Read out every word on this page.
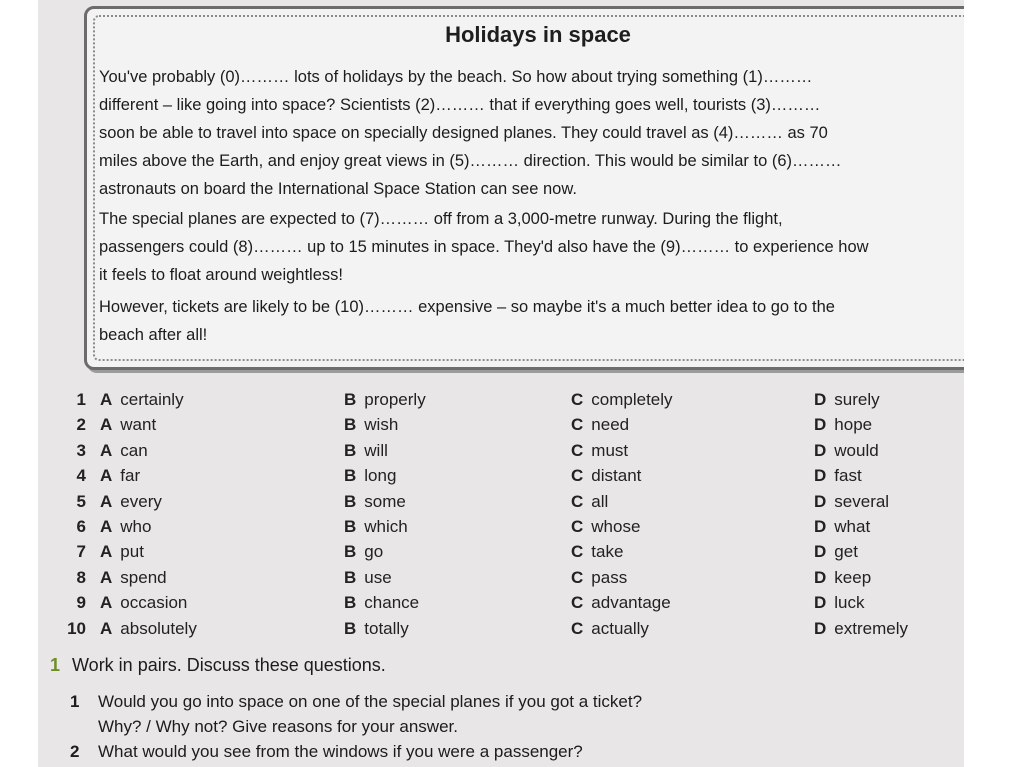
Holidays in space
You've probably (0)……… lots of holidays by the beach. So how about trying something (1)………
different – like going into space? Scientists (2)……… that if everything goes well, tourists (3)………
soon be able to travel into space on specially designed planes. They could travel as (4)……… as 70
miles above the Earth, and enjoy great views in (5)……… direction. This would be similar to (6)………
astronauts on board the International Space Station can see now.
The special planes are expected to (7)……… off from a 3,000-metre runway. During the flight,
passengers could (8)……… up to 15 minutes in space. They'd also have the (9)……… to experience how
it feels to float around weightless!
However, tickets are likely to be (10)……… expensive – so maybe it's a much better idea to go to the
beach after all!
1 A certainly	B properly	C completely	D surely
2 A want	B wish	C need	D hope
3 A can	B will	C must	D would
4 A far	B long	C distant	D fast
5 A every	B some	C all	D several
6 A who	B which	C whose	D what
7 A put	B go	C take	D get
8 A spend	B use	C pass	D keep
9 A occasion	B chance	C advantage	D luck
10 A absolutely	B totally	C actually	D extremely
1 Work in pairs. Discuss these questions.
1 Would you go into space on one of the special planes if you got a ticket?
Why? / Why not? Give reasons for your answer.
2 What would you see from the windows if you were a passenger?
